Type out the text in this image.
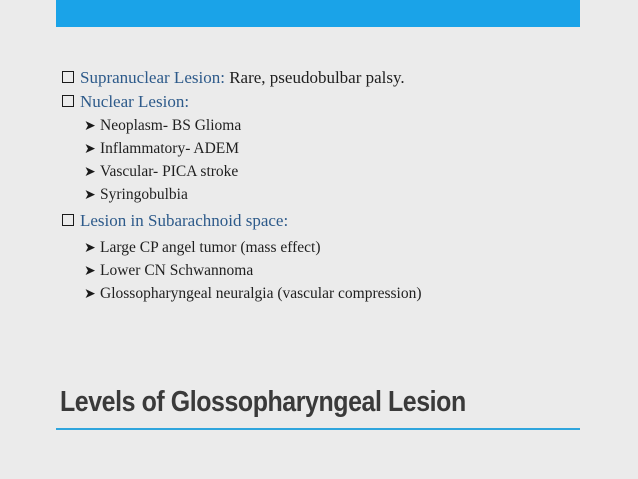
Supranuclear Lesion: Rare, pseudobulbar palsy.
Nuclear Lesion:
➤ Neoplasm- BS Glioma
➤ Inflammatory- ADEM
➤ Vascular- PICA stroke
➤ Syringobulbia
Lesion in Subarachnoid space:
➤ Large CP angel tumor (mass effect)
➤ Lower CN Schwannoma
➤ Glossopharyngeal neuralgia (vascular compression)
Levels of Glossopharyngeal Lesion
